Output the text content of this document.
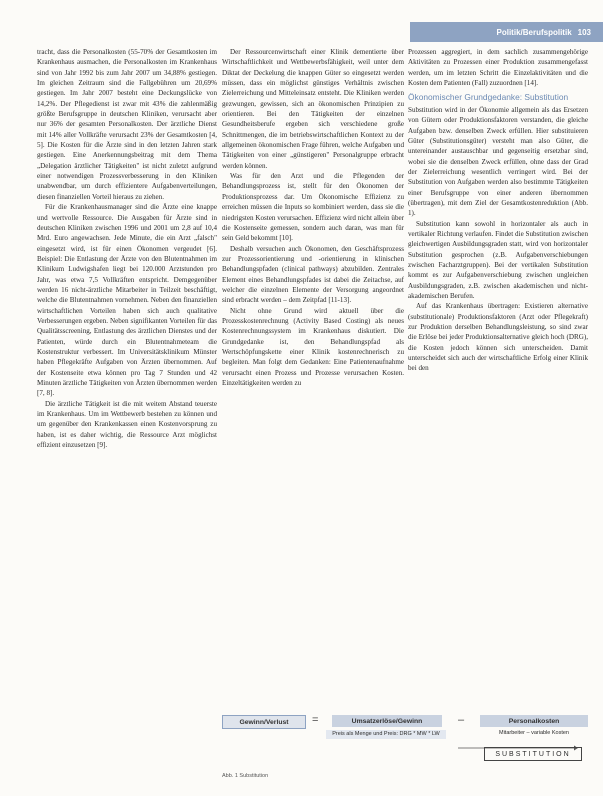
Politik/Berufspolitik 103

tracht, dass die Personalkosten (55-70% der Gesamtkosten im Krankenhaus ausmachen, die Personalkosten im Krankenhaus sind von Jahr 1992 bis zum Jahr 2007 um 34,88% gestiegen. Im gleichen Zeitraum sind die Fallgebühren um 20,69% gestiegen. Im Jahr 2007 besteht eine Deckungslücke von 14,2%. Der Pflegedienst ist zwar mit 43% die zahlenmäßig größte Berufsgruppe in deutschen Kliniken, verursacht aber nur 36% der gesamten Personalkosten. Der ärztliche Dienst mit 14% aller Vollkräfte verursacht 23% der Gesamtkosten [4, 5]. Die Kosten für die Ärzte sind in den letzten Jahren stark gestiegen. Eine Anerkennungsbeitrag mit dem Thema „Delegation ärztlicher Tätigkeiten" ist nicht zuletzt aufgrund einer notwendigen Prozessverbesserung in den Kliniken unabwendbar, um durch effizientere Aufgabenverteilungen, diesen finanziellen Vorteil hieraus zu ziehen.

Für die Krankenhausmanager sind die Ärzte eine knappe und wertvolle Ressource. Die Ausgaben für Ärzte sind in deutschen Kliniken zwischen 1996 und 2001 um 2,8 auf 10,4 Mrd. Euro angewachsen. Jede Minute, die ein Arzt „falsch" eingesetzt wird, ist für einen Ökonomen vergeudet [6]. Beispiel: Die Entlastung der Ärzte von den Blutentnahmen im Klinikum Ludwigshafen liegt bei 120.000 Arztstunden pro Jahr, was etwa 7,5 Vollkräften entspricht. Demgegenüber werden 16 nicht-ärztliche Mitarbeiter in Teilzeit beschäftigt, welche die Blutentnahmen vornehmen. Neben den finanziellen wirtschaftlichen Vorteilen haben sich auch qualitative Verbesserungen ergeben. Neben signifikanten Vorteilen für das Qualitätsscreening, Entlastung des ärztlichen Dienstes und der Patienten, würde durch ein Blutentnahmeteam die Kostenstruktur verbessert. Im Universitätsklinikum Münster haben Pflegekräfte Aufgaben von Ärzten übernommen. Auf der Kostenseite etwa können pro Tag 7 Stunden und 42 Minuten ärztliche Tätigkeiten von Ärzten übernommen werden [7, 8].

Die ärztliche Tätigkeit ist die mit weitem Abstand teuerste im Krankenhaus. Um im Wettbewerb bestehen zu können und um gegenüber den Krankenkassen einen Kostenvorsprung zu haben, ist es daher wichtig, die Ressource Arzt möglichst effizient einzusetzen [9].

Der Ressourcenwirtschaft einer Klinik dementierte über Wirtschaftlichkeit und Wettbewerbsfähigkeit, weil unter dem Diktat der Deckelung die knappen Güter so eingesetzt werden müssen, dass ein möglichst günstiges Verhältnis zwischen Zielerreichung und Mitteleinsatz entsteht. Die Kliniken werden gezwungen, gewissen, sich an ökonomischen Prinzipien zu orientieren. Bei den Tätigkeiten der einzelnen Gesundheitsberufe ergeben sich verschiedene große Schnittmengen, die im betriebswirtschaftlichen Kontext zu der allgemeinen ökonomischen Frage führen, welche Aufgaben und Tätigkeiten von einer „günstigeren" Personalgruppe erbracht werden können.

Was für den Arzt und die Pflegenden der Behandlungsprozess ist, stellt für den Ökonomen der Produktionsprozess dar. Um Ökonomische Effizienz zu erreichen müssen die Inputs so kombiniert werden, dass sie die niedrigsten Kosten verursachen. Effizienz wird nicht allein über die Kostenseite gemessen, sondern auch daran, was man für sein Geld bekommt [10].

Deshalb versuchen auch Ökonomen, den Geschäftsprozess zur Prozessorientierung und -orientierung in klinischen Behandlungspfaden (clinical pathways) abzubilden. Zentrales Element eines Behandlungspfades ist dabei die Zeitachse, auf welcher die einzelnen Elemente der Versorgung angeordnet sind erbracht werden – dem Zeitpfad [11-13].

Nicht ohne Grund wird aktuell über die Prozesskostenrechnung (Activity Based Costing) als neues Kostenrechnungssystem im Krankenhaus diskutiert. Die Grundgedanke ist, den Behandlungspfad als Wertschöpfungskette einer Klinik kostenrechnerisch zu begleiten. Man folgt dem Gedanken: Eine Patientenaufnahme verursacht einen Prozess und Prozesse verursachen Kosten. Einzeltätigkeiten werden zu

Prozessen aggregiert, in dem sachlich zusammengehörige Aktivitäten zu Prozessen einer Produktion zusammengefasst werden, um im letzten Schritt die Einzelaktivitäten und die Kosten dem Patienten (Fall) zuzuordnen [14].

Ökonomischer Grundgedanke: Substitution

Substitution wird in der Ökonomie allgemein als das Ersetzen von Gütern oder Produktionsfaktoren verstanden, die gleiche Aufgaben bzw. denselben Zweck erfüllen. Hier substituieren Güter (Substitutionsgüter) versteht man also Güter, die untereinander austauschbar und gegenseitig ersetzbar sind, wobei sie die denselben Zweck erfüllen, ohne dass der Grad der Zielerreichung wesentlich verringert wird. Bei der Substitution von Aufgaben werden also bestimmte Tätigkeiten einer Berufsgruppe von einer anderen übernommen (übertragen), mit dem Ziel der Gesamtkostenreduktion (Abb. 1).

Substitution kann sowohl in horizontaler als auch in vertikaler Richtung verlaufen. Findet die Substitution zwischen gleichwertigen Ausbildungsgraden statt, wird von horizontaler Substitution gesprochen (z.B. Aufgabenverschiebungen zwischen Facharztgruppen). Bei der vertikalen Substitution kommt es zur Aufgabenverschiebung zwischen ungleichen Ausbildungsgraden, z.B. zwischen akademischen und nicht-akademischen Berufen.

Auf das Krankenhaus übertragen: Existieren alternative (substitutionale) Produktionsfaktoren (Arzt oder Pflegekraft) zur Produktion derselben Behandlungsleistung, so sind zwar die Erlöse bei jeder Produktionsalternative gleich hoch (DRG), die Kosten jedoch können sich unterscheiden. Damit unterscheidet sich auch der wirtschaftliche Erfolg einer Klinik bei den

Gewinn/Verlust	=	Umsatzerlöse/Gewinn	–	Personalkosten
Preis als Menge und Preis: DRG * MW * LW	Mitarbeiter – variable Kosten
SUBSTITUTION
Abb. 1 Substitution
